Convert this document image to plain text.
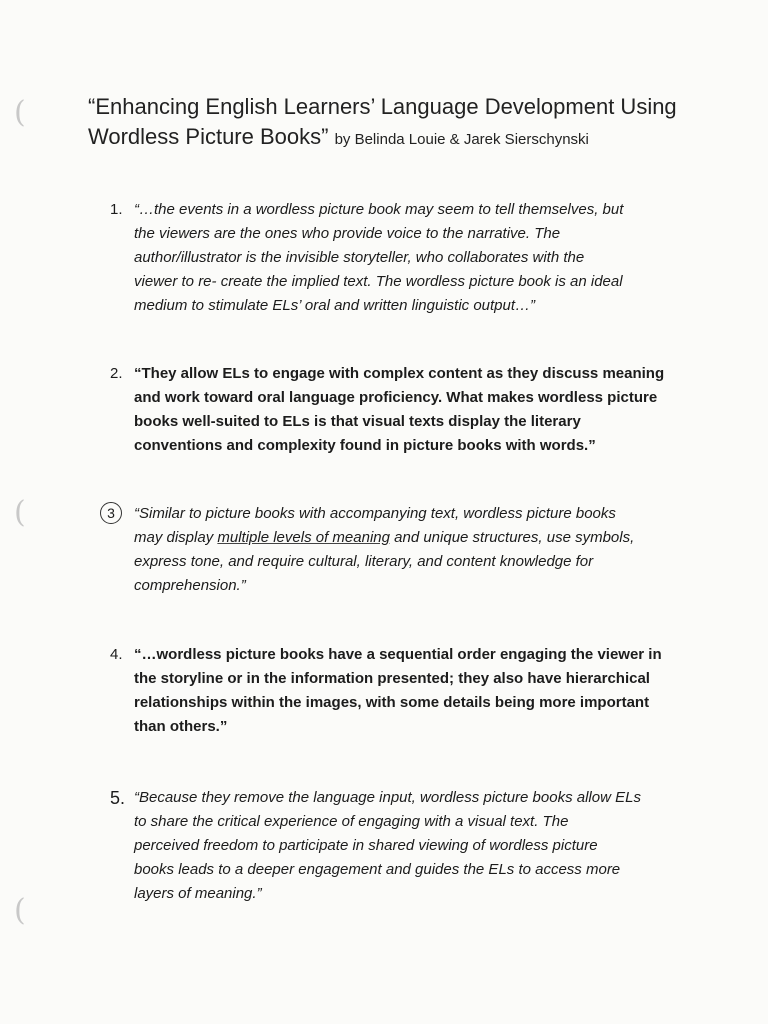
(
(
(
“Enhancing English Learners’ Language Development Using
Wordless Picture Books” by Belinda Louie & Jarek Sierschynski
1. “…the events in a wordless picture book may seem to tell themselves, but
the viewers are the ones who provide voice to the narrative. The
author/illustrator is the invisible storyteller, who collaborates with the
viewer to re- create the implied text. The wordless picture book is an ideal
medium to stimulate ELs’ oral and written linguistic output…”
2. “They allow ELs to engage with complex content as they discuss meaning
and work toward oral language proficiency. What makes wordless picture
books well-suited to ELs is that visual texts display the literary
conventions and complexity found in picture books with words.”
3	“Similar to picture books with accompanying text, wordless picture books
may display multiple levels of meaning and unique structures, use symbols,
express tone, and require cultural, literary, and content knowledge for
comprehension.”
4. “…wordless picture books have a sequential order engaging the viewer in
the storyline or in the information presented; they also have hierarchical
relationships within the images, with some details being more important
than others.”
5. “Because they remove the language input, wordless picture books allow ELs
to share the critical experience of engaging with a visual text. The
perceived freedom to participate in shared viewing of wordless picture
books leads to a deeper engagement and guides the ELs to access more
layers of meaning.”
